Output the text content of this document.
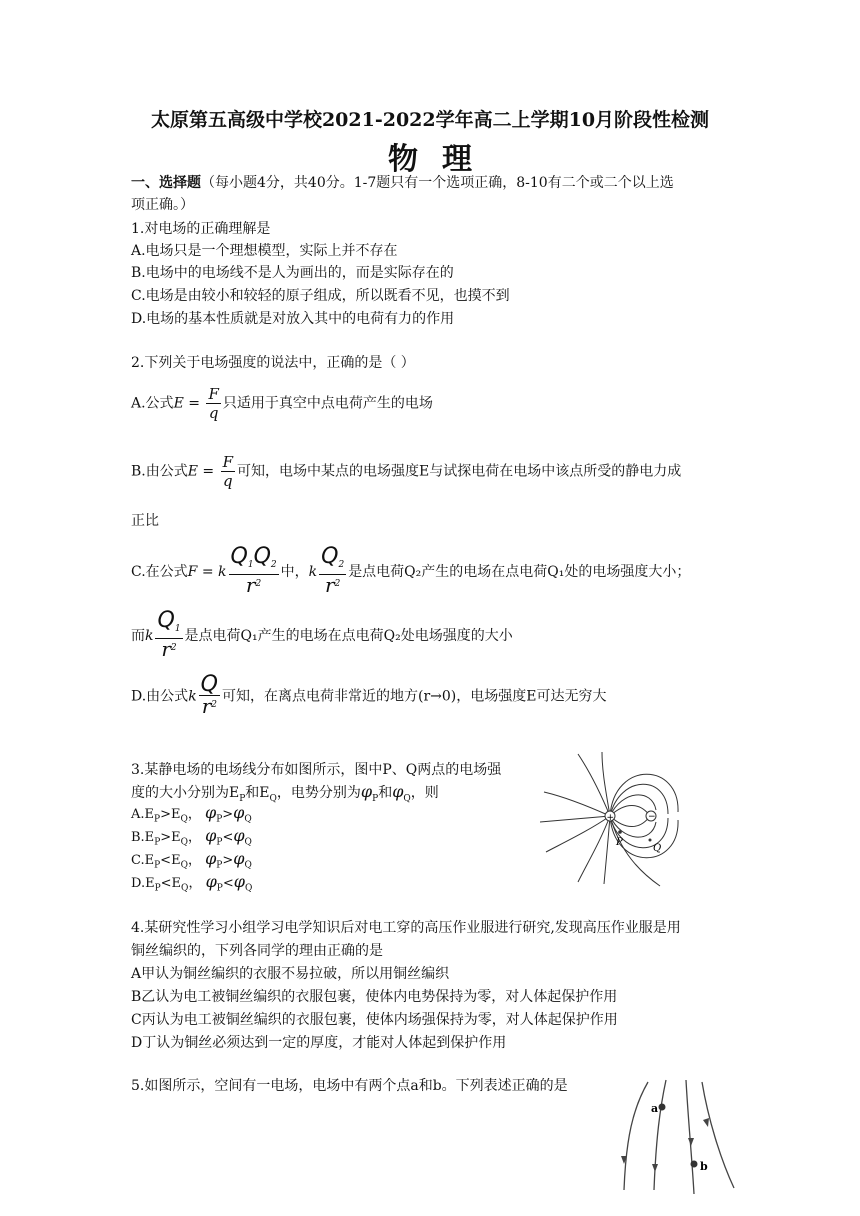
太原第五高级中学校2021-2022学年高二上学期10月阶段性检测
物理
一、选择题（每小题4分，共40分。1-7题只有一个选项正确，8-10有二个或二个以上选
项正确。）
1.对电场的正确理解是
A.电场只是一个理想模型，实际上并不存在
B.电场中的电场线不是人为画出的，而是实际存在的
C.电场是由较小和较轻的原子组成，所以既看不见，也摸不到
D.电场的基本性质就是对放入其中的电荷有力的作用
2.下列关于电场强度的说法中，正确的是（ ）
A.公式$E = \frac{F}{q}$ 只适用于真空中点电荷产生的电场
B.由公式$E = \frac{F}{q}$ 可知，电场中某点的电场强度E与试探电荷在电场中该点所受的静电力成
正比
C.在公式F = k $\frac{Q_1Q_2}{r^2}$ 中，k $\frac{Q_2}{r^2}$ 是点电荷Q₂产生的电场在点电荷Q₁处的电场强度大小；
而k $\frac{Q_1}{r^2}$ 是点电荷Q₁产生的电场在点电荷Q₂处电场强度的大小
D.由公式k $\frac{Q}{r^2}$ 可知，在离点电荷非常近的地方(r→0)，电场强度E可达无穷大
3.某静电场的电场线分布如图所示，图中P、Q两点的电场强
度的大小分别为$E_P$和$E_Q$，电势分别为$\varphi_P$和$\varphi_Q$，则
$A.E_P>E_Q$， $\varphi_P>\varphi_Q$
$B.E_P>E_Q$， $\varphi_P<\varphi_Q$
$C.E_P<E_Q$， $\varphi_P>\varphi_Q$
$D.E_P<E_Q$， $\varphi_P<\varphi_Q$
+	−
P
Q
4.某研究性学习小组学习电学知识后对电工穿的高压作业服进行研究,发现高压作业服是用
铜丝编织的，下列各同学的理由正确的是
A甲认为铜丝编织的衣服不易拉破，所以用铜丝编织
B乙认为电工被铜丝编织的衣服包裹，使体内电势保持为零，对人体起保护作用
C丙认为电工被铜丝编织的衣服包裹，使体内场强保持为零，对人体起保护作用
D丁认为铜丝必须达到一定的厚度，才能对人体起到保护作用
5.如图所示，空间有一电场，电场中有两个点a和b。下列表述正确的是
a
b
